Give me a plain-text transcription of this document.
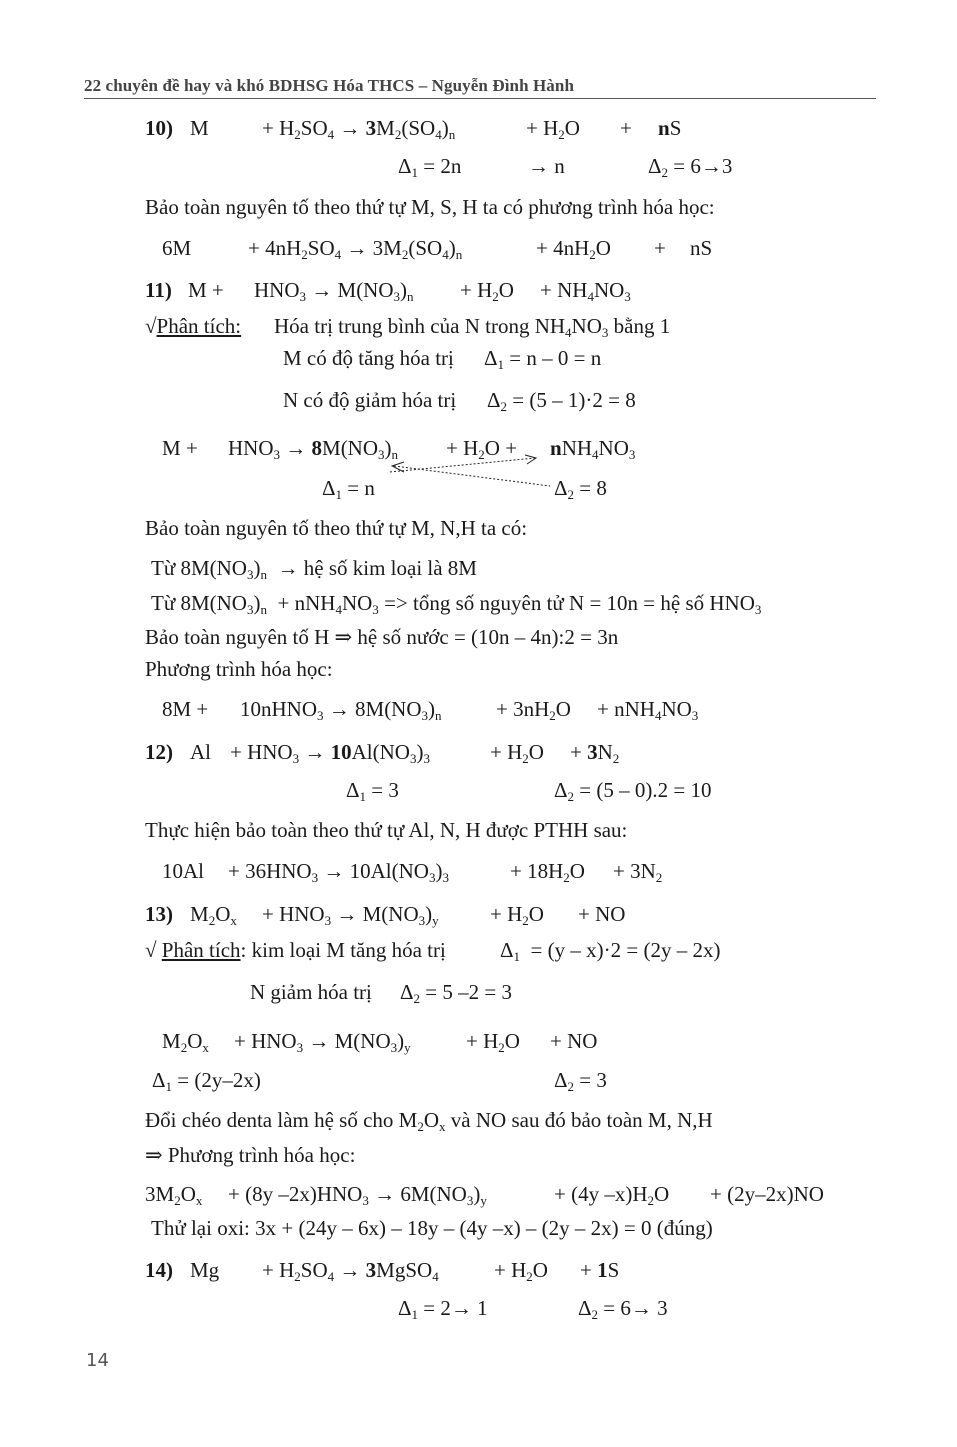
22 chuyên đề hay và khó BDHSG Hóa THCS – Nguyễn Đình Hành
10) M	+ $H_2SO_4 \to 3M_2(SO_4)_n$	+ $H_2O$ + nS
$\Delta_1 = 2n$	→ n	$\Delta_2 = 6\to 3$
Bảo toàn nguyên tố theo thứ tự M, S, H ta có phương trình hóa học:
6M	+ $4nH_2SO_4 \to 3M_2(SO_4)_n$	+ $4nH_2O$ + nS
11) $M + HNO_3 \to M(NO_3)_n + H_2O + NH_4NO_3$
√Phân tích: Hóa trị trung bình của N trong $NH_4NO_3$ bằng 1
M có độ tăng hóa trị $\Delta_1 = n - 0 = n$
N có độ giảm hóa trị $\Delta_2 = (5 - 1)\cdot 2 = 8$
$M + HNO_3 \to 8M(NO_3)_n + H_2O + nNH_4NO_3$
$\Delta_1 = n$	$\Delta_2 = 8$
Bảo toàn nguyên tố theo thứ tự M, N,H ta có:
Từ $8M(NO_3)_n$ → hệ số kim loại là 8M
Từ $8M(NO_3)_n + nNH_4NO_3$ => tổng số nguyên tử N = 10n = hệ số $HNO_3$
Bảo toàn nguyên tố H ⇒ hệ số nước = (10n – 4n):2 = 3n
Phương trình hóa học:
8M + 10nHNO$_3$ → $8M(NO_3)_n$	+ $3nH_2O + nNH_4NO_3$
12) $Al + HNO_3 \to 10Al(NO_3)_3$	+ $H_2O + 3N_2$
$\Delta_1 = 3$	$\Delta_2 = (5 - 0).2 = 10$
Thực hiện bảo toàn theo thứ tự Al, N, H được PTHH sau:
$10Al + 36HNO_3 \to 10Al(NO_3)_3$	+ $18H_2O + 3N_2$
13) $M_2O_x + HNO_3 \to M(NO_3)_y + H_2O$ + NO
√ Phân tích: kim loại M tăng hóa trị	$\Delta_1 = (y - x)\cdot 2 = (2y - 2x)$
N giảm hóa trị $\Delta_2 = 5$ –2 = 3
$M_2O_x + HNO_3 \to M(NO_3)_y$	+ $H_2O$ + NO
$\Delta_1 = (2y-2x)$	$\Delta_2 = 3$
Đổi chéo denta làm hệ số cho $M_2O_x$ và NO sau đó bảo toàn M, N,H
⇒ Phương trình hóa học:
$3M_2O_x + (8y$ $-2x)HNO_3 \to 6M(NO_3)_y$	+ (4y $-x)H_2O + (2y-2x)NO$
Thử lại oxi: 3x + (24y – 6x) – 18y – (4y –x) – (2y – 2x) = 0 (đúng)
14) $Mg + H_2SO_4$ → 3MgSO$_4$	+ $H_2O + 1S$
$\Delta_1 = 2\to 1$	$\Delta_2 = 6\to 3$
14
